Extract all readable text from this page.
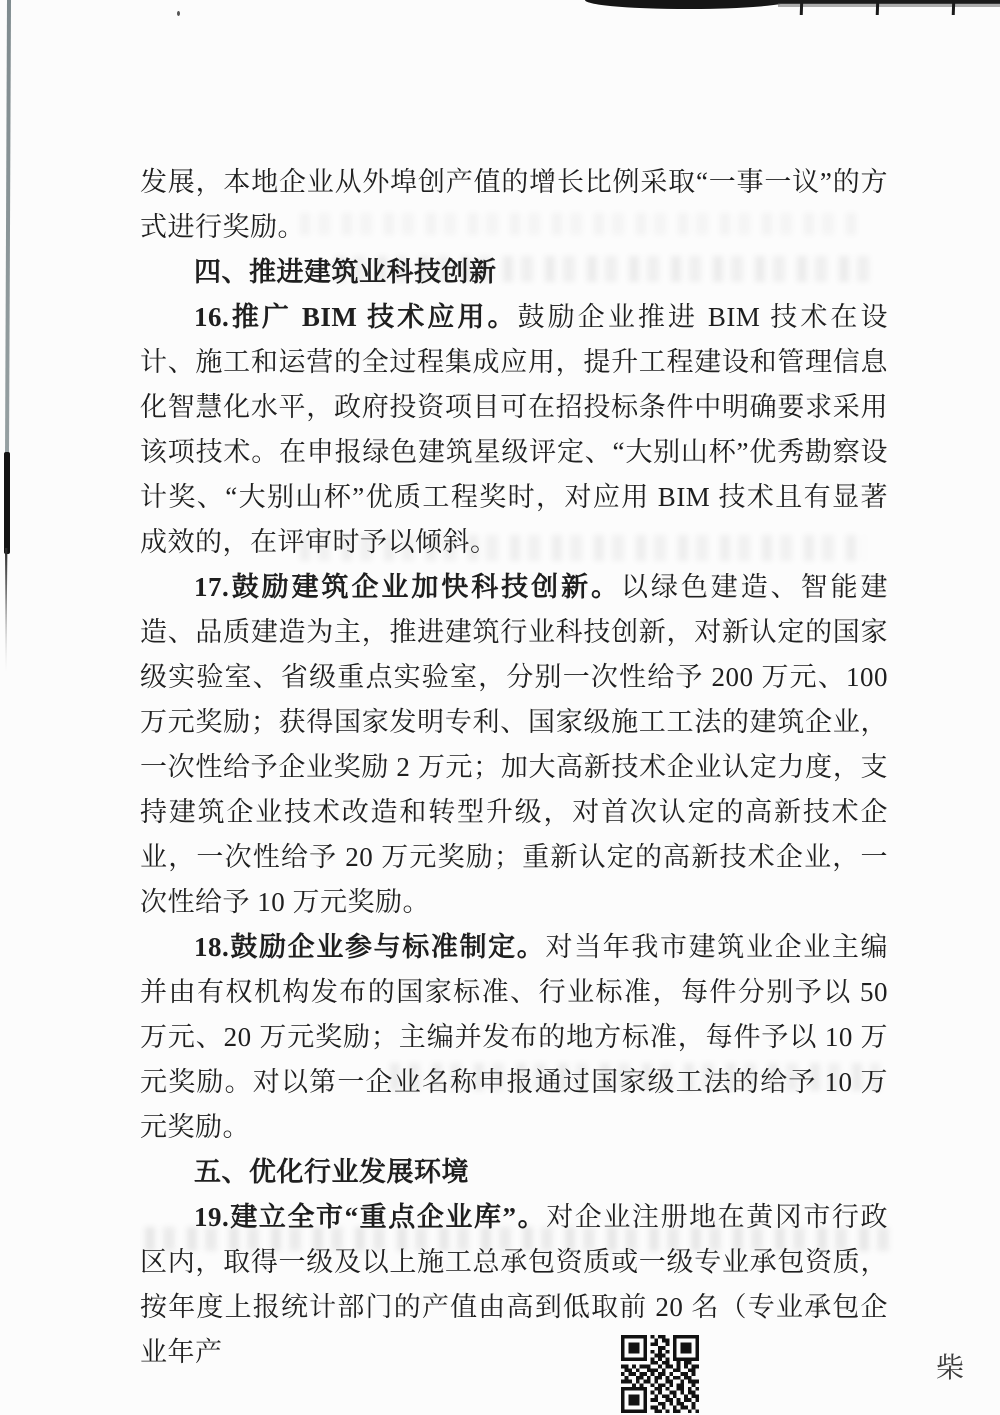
发展，本地企业从外埠创产值的增长比例采取“一事一议”的方式进行奖励。

四、推进建筑业科技创新

16.推广 BIM 技术应用。鼓励企业推进 BIM 技术在设计、施工和运营的全过程集成应用，提升工程建设和管理信息化智慧化水平，政府投资项目可在招投标条件中明确要求采用该项技术。在申报绿色建筑星级评定、“大别山杯”优秀勘察设计奖、“大别山杯”优质工程奖时，对应用 BIM 技术且有显著成效的，在评审时予以倾斜。

17.鼓励建筑企业加快科技创新。以绿色建造、智能建造、品质建造为主，推进建筑行业科技创新，对新认定的国家级实验室、省级重点实验室，分别一次性给予 200 万元、100 万元奖励；获得国家发明专利、国家级施工工法的建筑企业，一次性给予企业奖励 2 万元；加大高新技术企业认定力度，支持建筑企业技术改造和转型升级，对首次认定的高新技术企业，一次性给予 20 万元奖励；重新认定的高新技术企业，一次性给予 10 万元奖励。

18.鼓励企业参与标准制定。对当年我市建筑业企业主编并由有权机构发布的国家标准、行业标准，每件分别予以 50 万元、20 万元奖励；主编并发布的地方标准，每件予以 10 万元奖励。对以第一企业名称申报通过国家级工法的给予 10 万元奖励。

五、优化行业发展环境

19.建立全市“重点企业库”。对企业注册地在黄冈市行政区内，取得一级及以上施工总承包资质或一级专业承包资质，按年度上报统计部门的产值由高到低取前 20 名（专业承包企业年产

柴
